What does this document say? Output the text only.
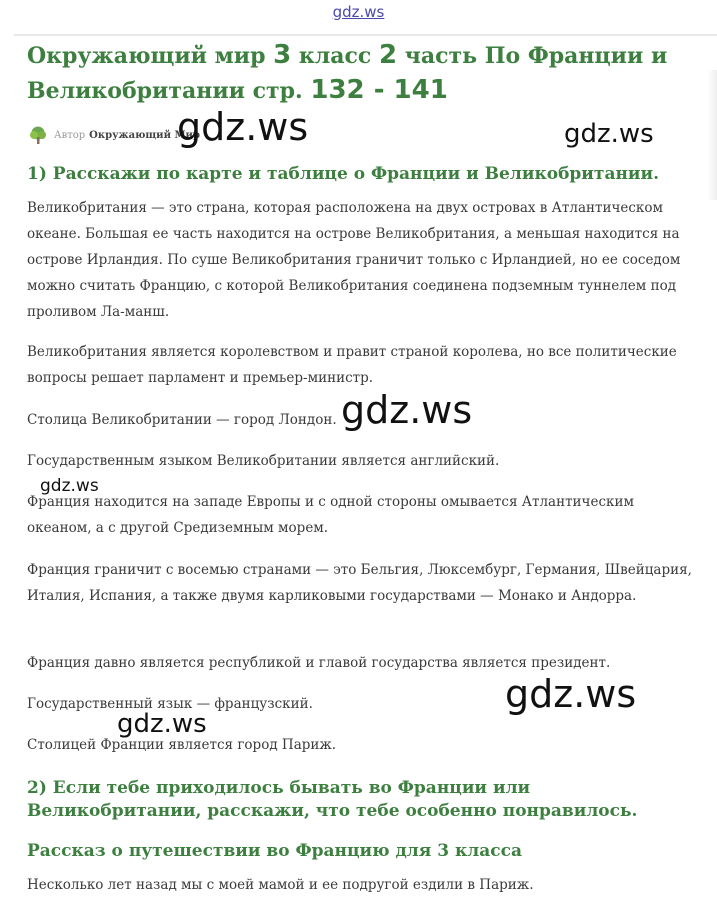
gdz.ws
Окружающий мир 3 класс 2 часть По Франции и Великобритании стр. 132 - 141
Автор Окружающий Мир
1) Расскажи по карте и таблице о Франции и Великобритании.

Великобритания — это страна, которая расположена на двух островах в Атлантическом океане. Большая ее часть находится на острове Великобритания, а меньшая находится на острове Ирландия. По суше Великобритания граничит только с Ирландией, но ее соседом можно считать Францию, с которой Великобритания соединена подземным туннелем под проливом Ла-манш.

Великобритания является королевством и правит страной королева, но все политические вопросы решает парламент и премьер-министр.

Столица Великобритании — город Лондон.

Государственным языком Великобритании является английский.

Франция находится на западе Европы и с одной стороны омывается Атлантическим океаном, а с другой Средиземным морем.

Франция граничит с восемью странами — это Бельгия, Люксембург, Германия, Швейцария, Италия, Испания, а также двумя карликовыми государствами — Монако и Андорра.

Франция давно является республикой и главой государства является президент.

Государственный язык — французский.

Столицей Франции является город Париж.

2) Если тебе приходилось бывать во Франции или Великобритании, расскажи, что тебе особенно понравилось.
Рассказ о путешествии во Францию для 3 класса

Несколько лет назад мы с моей мамой и ее подругой ездили в Париж.

gdz.ws	gdz.ws
gdz.ws
gdz.ws
gdz.ws
gdz.ws
